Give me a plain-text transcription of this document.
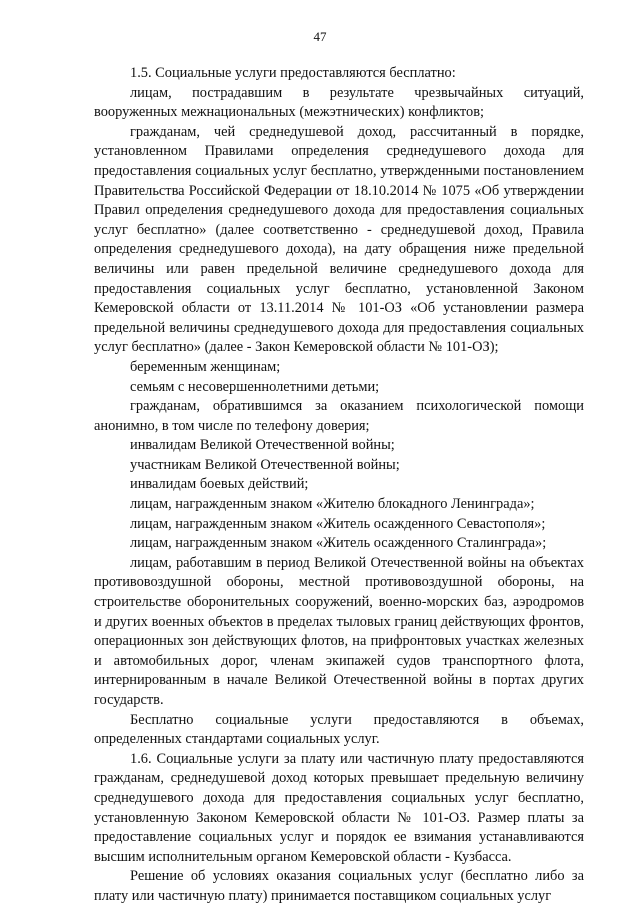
47

1.5. Социальные услуги предоставляются бесплатно:

лицам, пострадавшим в результате чрезвычайных ситуаций, вооруженных межнациональных (межэтнических) конфликтов;

гражданам, чей среднедушевой доход, рассчитанный в порядке, установленном Правилами определения среднедушевого дохода для предоставления социальных услуг бесплатно, утвержденными постановлением Правительства Российской Федерации от 18.10.2014 № 1075 «Об утверждении Правил определения среднедушевого дохода для предоставления социальных услуг бесплатно» (далее соответственно - среднедушевой доход, Правила определения среднедушевого дохода), на дату обращения ниже предельной величины или равен предельной величине среднедушевого дохода для предоставления социальных услуг бесплатно, установленной Законом Кемеровской области от 13.11.2014 № 101-ОЗ «Об установлении размера предельной величины среднедушевого дохода для предоставления социальных услуг бесплатно» (далее - Закон Кемеровской области № 101-ОЗ);

беременным женщинам;

семьям с несовершеннолетними детьми;

гражданам, обратившимся за оказанием психологической помощи анонимно, в том числе по телефону доверия;

инвалидам Великой Отечественной войны;

участникам Великой Отечественной войны;

инвалидам боевых действий;

лицам, награжденным знаком «Жителю блокадного Ленинграда»;

лицам, награжденным знаком «Житель осажденного Севастополя»;

лицам, награжденным знаком «Житель осажденного Сталинграда»;

лицам, работавшим в период Великой Отечественной войны на объектах противовоздушной обороны, местной противовоздушной обороны, на строительстве оборонительных сооружений, военно-морских баз, аэродромов и других военных объектов в пределах тыловых границ действующих фронтов, операционных зон действующих флотов, на прифронтовых участках железных и автомобильных дорог, членам экипажей судов транспортного флота, интернированным в начале Великой Отечественной войны в портах других государств.

Бесплатно социальные услуги предоставляются в объемах, определенных стандартами социальных услуг.

1.6. Социальные услуги за плату или частичную плату предоставляются гражданам, среднедушевой доход которых превышает предельную величину среднедушевого дохода для предоставления социальных услуг бесплатно, установленную Законом Кемеровской области № 101-ОЗ. Размер платы за предоставление социальных услуг и порядок ее взимания устанавливаются высшим исполнительным органом Кемеровской области - Кузбасса.

Решение об условиях оказания социальных услуг (бесплатно либо за плату или частичную плату) принимается поставщиком социальных услуг
